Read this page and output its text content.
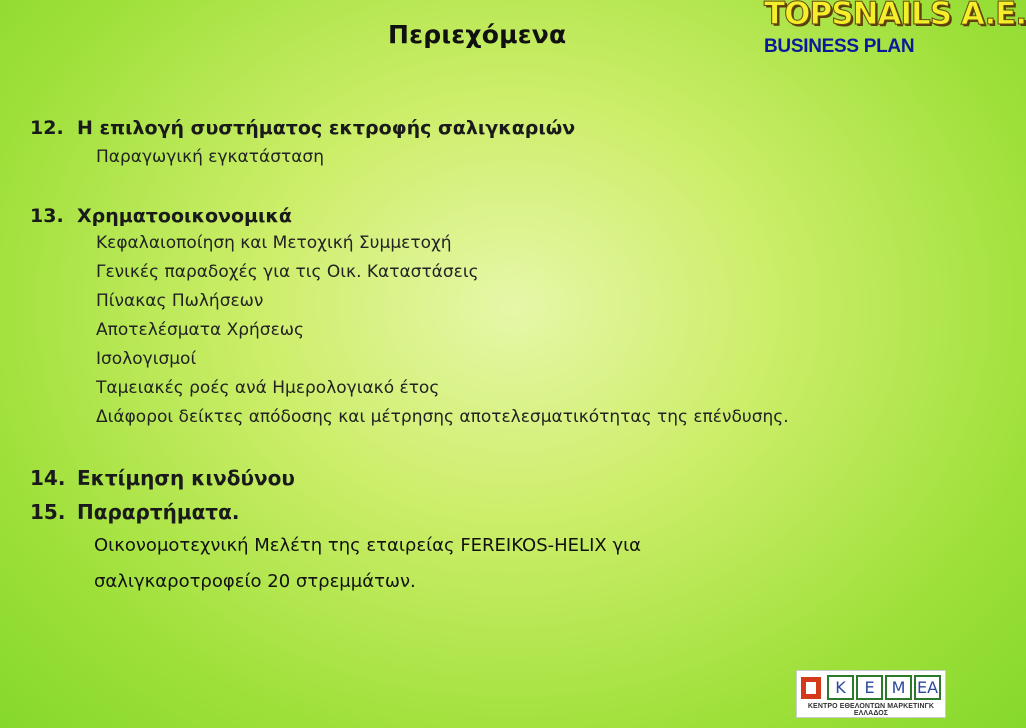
Περιεχόμενα
TOPSNAILS A.E.
BUSINESS PLAN
12. Η επιλογή συστήματος εκτροφής σαλιγκαριών
Παραγωγική εγκατάσταση
13. Χρηματοοικονομικά
Κεφαλαιοποίηση και Μετοχική Συμμετοχή
Γενικές παραδοχές για τις Οικ. Καταστάσεις
Πίνακας Πωλήσεων
Αποτελέσματα Χρήσεως
Ισολογισμοί
Ταμειακές ροές ανά Ημερολογιακό έτος
Διάφοροι δείκτες απόδοσης και μέτρησης αποτελεσματικότητας της επένδυσης.
14. Εκτίμηση κινδύνου
15. Παραρτήματα.
Οικονομοτεχνική Μελέτη της εταιρείας FEREIKOS-HELIX για
σαλιγκαροτροφείο 20 στρεμμάτων.
Κ	Ε	Μ ΕΑ
ΚΕΝΤΡΟ ΕΘΕΛΟΝΤΩΝ ΜΑΡΚΕΤΙΝΓΚ ΕΛΛΑΔΟΣ
